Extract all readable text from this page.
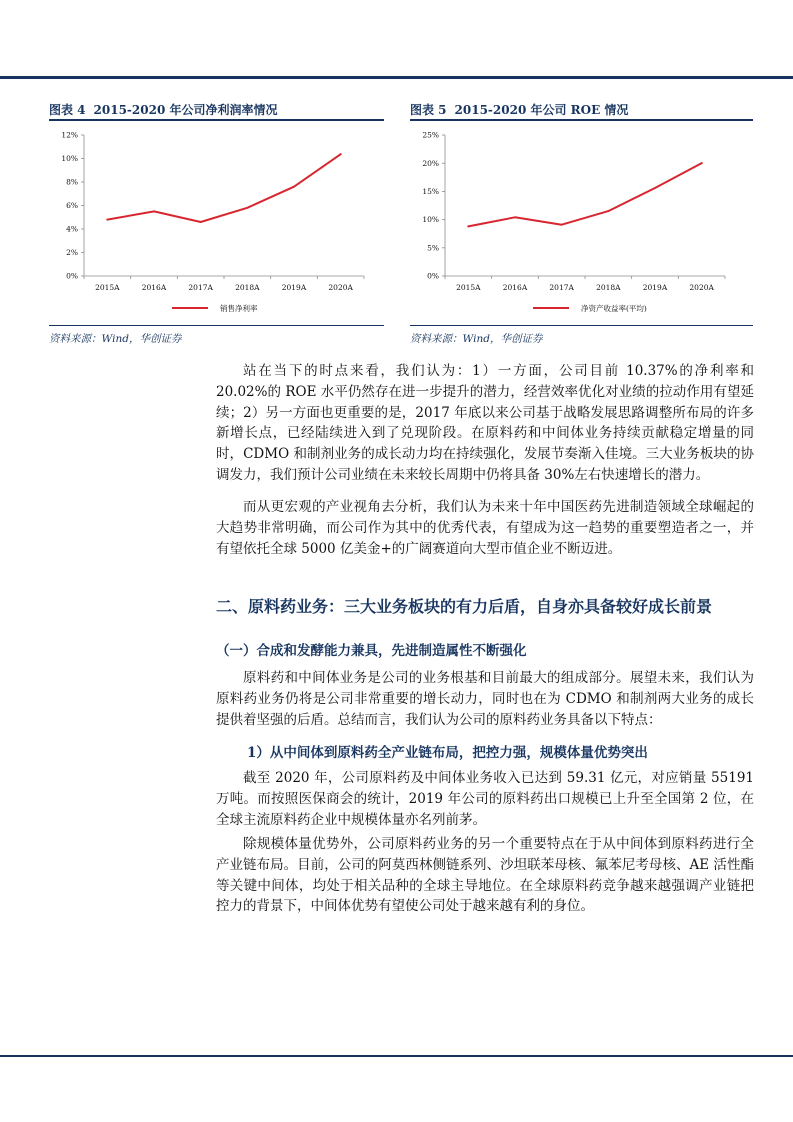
图表 4 2015-2020 年公司净利润率情况
0%
2%
4%
6%
8%
10%
12%
2015A	2016A	2017A	2018A	2019A	2020A
销售净利率
资料来源：Wind，华创证券
图表 5 2015-2020 年公司 ROE 情况
0%
5%
10%
15%
20%
25%
2015A	2016A	2017A	2018A	2019A	2020A
净资产收益率(平均)
资料来源：Wind，华创证券

站在当下的时点来看，我们认为：1）一方面，公司目前 10.37%的净利率和 20.02%的 ROE 水平仍然存在进一步提升的潜力，经营效率优化对业绩的拉动作用有望延续；2）另一方面也更重要的是，2017 年底以来公司基于战略发展思路调整所布局的许多新增长点，已经陆续进入到了兑现阶段。在原料药和中间体业务持续贡献稳定增量的同时，CDMO 和制剂业务的成长动力均在持续强化，发展节奏渐入佳境。三大业务板块的协调发力，我们预计公司业绩在未来较长周期中仍将具备 30%左右快速增长的潜力。

而从更宏观的产业视角去分析，我们认为未来十年中国医药先进制造领域全球崛起的大趋势非常明确，而公司作为其中的优秀代表，有望成为这一趋势的重要塑造者之一，并有望依托全球 5000 亿美金+的广阔赛道向大型市值企业不断迈进。

二、原料药业务：三大业务板块的有力后盾，自身亦具备较好成长前景
（一）合成和发酵能力兼具，先进制造属性不断强化

原料药和中间体业务是公司的业务根基和目前最大的组成部分。展望未来，我们认为原料药业务仍将是公司非常重要的增长动力，同时也在为 CDMO 和制剂两大业务的成长提供着坚强的后盾。总结而言，我们认为公司的原料药业务具备以下特点：

1）从中间体到原料药全产业链布局，把控力强，规模体量优势突出

截至 2020 年，公司原料药及中间体业务收入已达到 59.31 亿元，对应销量 55191 万吨。而按照医保商会的统计，2019 年公司的原料药出口规模已上升至全国第 2 位，在全球主流原料药企业中规模体量亦名列前茅。

除规模体量优势外，公司原料药业务的另一个重要特点在于从中间体到原料药进行全产业链布局。目前，公司的阿莫西林侧链系列、沙坦联苯母核、氟苯尼考母核、AE 活性酯等关键中间体，均处于相关品种的全球主导地位。在全球原料药竞争越来越强调产业链把控力的背景下，中间体优势有望使公司处于越来越有利的身位。
